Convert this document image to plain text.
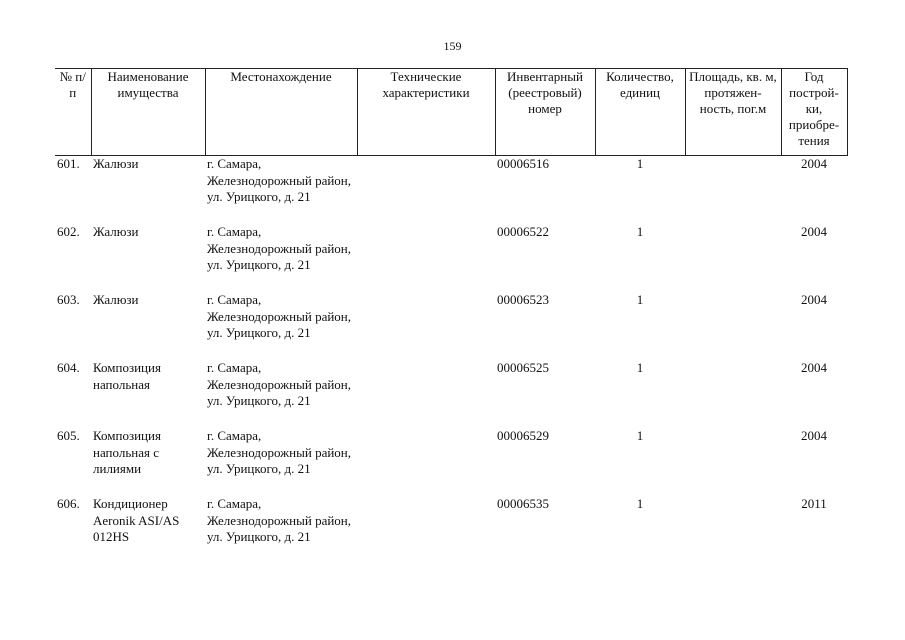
159
№ п/п	Наименование имущества	Местонахождение	Технические характеристики	Инвентарный (реестровый) номер	Количество, единиц	Площадь, кв. м, протяжен-ность, пог.м	Год построй-ки, приобре-тения
601.	Жалюзи	г. Самара, Железнодорожный район, ул. Урицкого, д. 21		00006516	1		2004
602.	Жалюзи	г. Самара, Железнодорожный район, ул. Урицкого, д. 21		00006522	1		2004
603.	Жалюзи	г. Самара, Железнодорожный район, ул. Урицкого, д. 21		00006523	1		2004
604.	Композиция напольная	г. Самара, Железнодорожный район, ул. Урицкого, д. 21		00006525	1		2004
605.	Композиция напольная с лилиями	г. Самара, Железнодорожный район, ул. Урицкого, д. 21		00006529	1		2004
606.	Кондиционер Aeronik ASI/AS 012HS	г. Самара, Железнодорожный район, ул. Урицкого, д. 21		00006535	1		2011
